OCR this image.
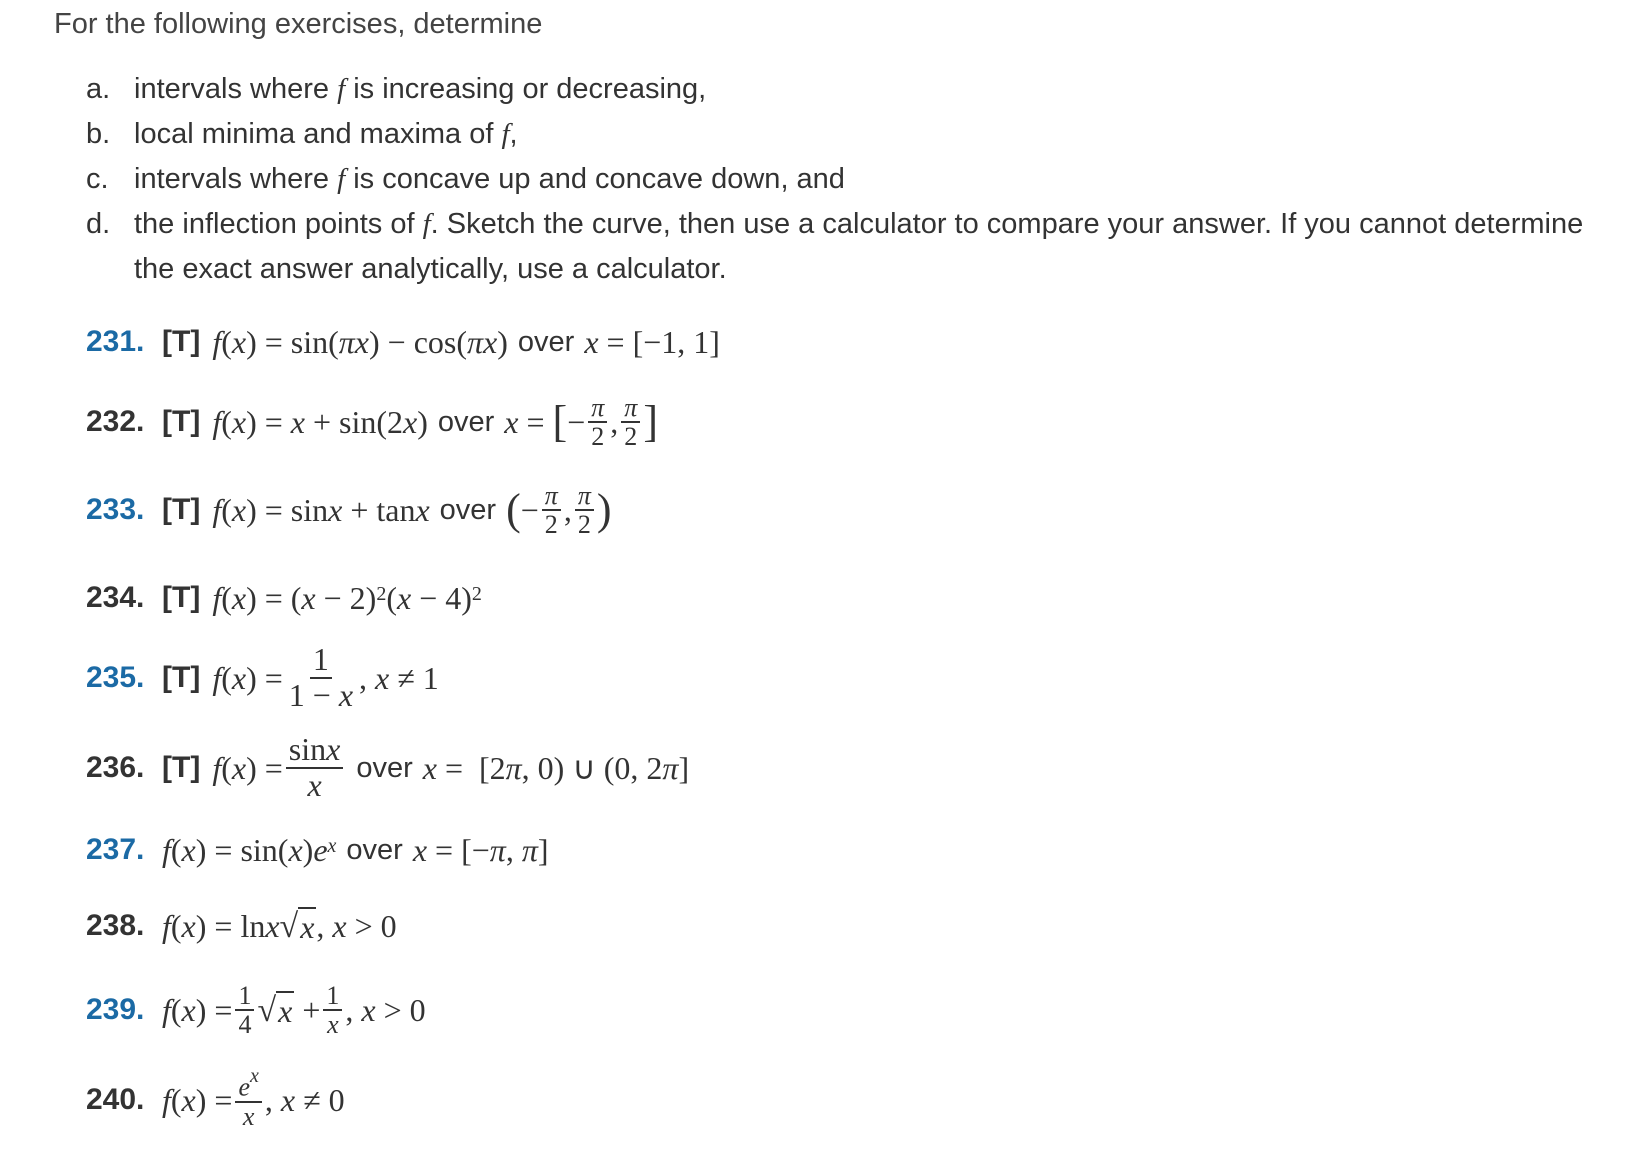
For the following exercises, determine
a. intervals where f is increasing or decreasing,
b. local minima and maxima of f,
c. intervals where f is concave up and concave down, and
d. the inflection points of f. Sketch the curve, then use a calculator to compare your answer. If you cannot determine the exact answer analytically, use a calculator.
231. [T] f ( x ) = sin( πx ) − cos( πx ) over x = [−1, 1]
232. [T] f ( x ) = x + sin(2 x ) over x = [ − $\frac{\pi}{2}$ , $\frac{\pi}{2}$ ]
233. [T] f ( x ) = sin x + tan x over ( − $\frac{\pi}{2}$ , $\frac{\pi}{2}$ )
234. [T] f ( x ) = ( x − 2)$^2$ ( x − 4)$^2$
235. [T] f ( x ) = $\frac{1}{1 - x}$ , x ≠ 1
236. [T] f ( x ) = $\frac{\sin x}{x}$ over x = [2 π , 0) ∪ (0, 2 π ]
237. f ( x ) = sin( x ) e $^x$ over x = [− π , π ]
238. f ( x ) = ln x √ x , x > 0
239. f ( x ) = $\frac{1}{4}$ √ $x + \frac{1}{x}$ , x > 0
240. f ( x ) = $\frac{e^x}{x}$ , x ≠ 0
